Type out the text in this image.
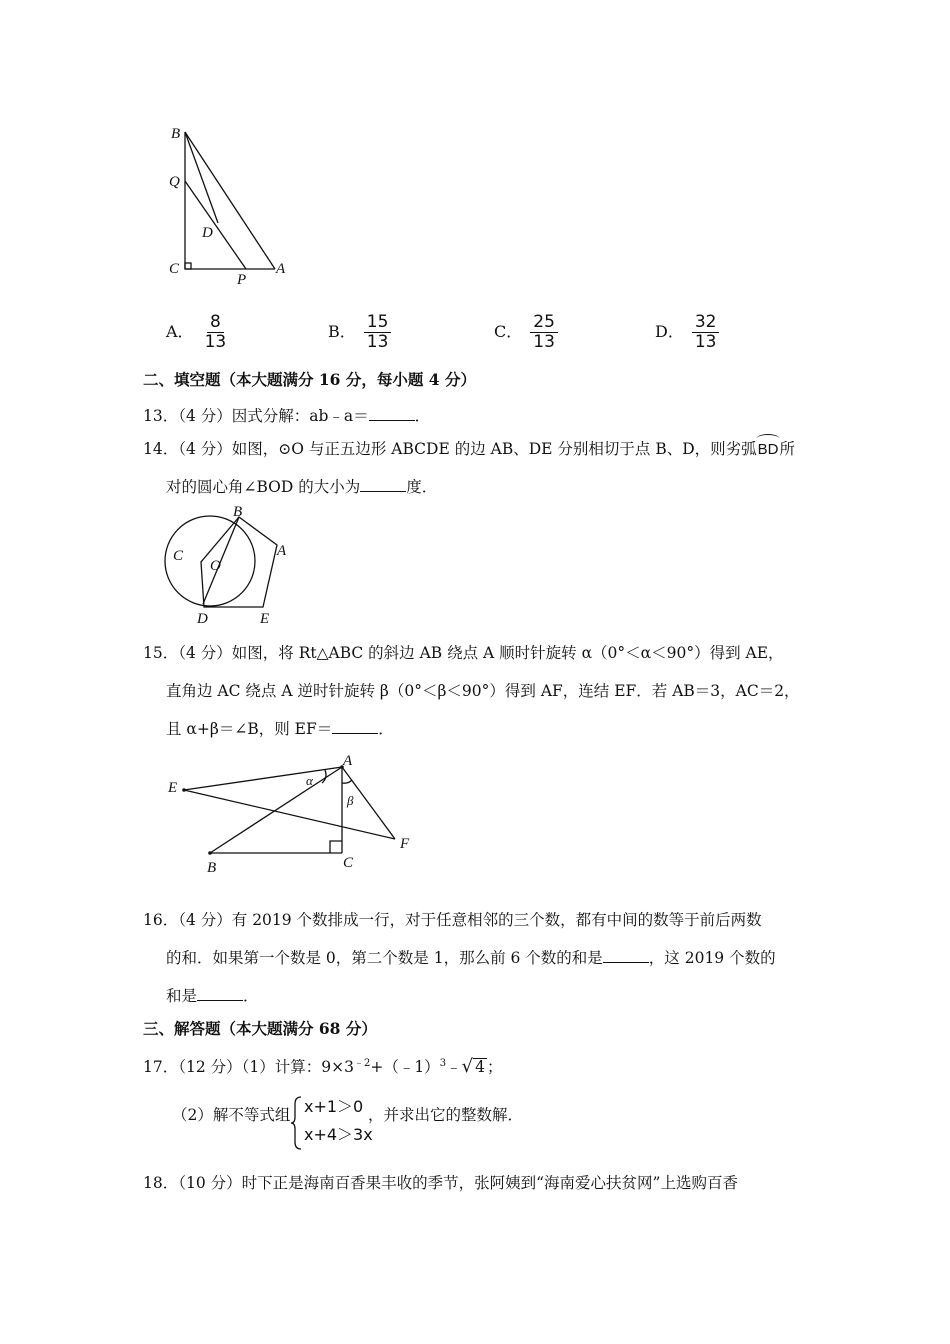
B
Q
D
C
P
A
A． $\frac{8}{13}$	B． $\frac{15}{13}$	C． $\frac{25}{13}$	D． $\frac{32}{13}$
二、填空题（本大题满分 16 分，每小题 4 分）
13．（4 分）因式分解：ab﹣a＝	．
14．（4 分）如图，⊙O 与正五边形 ABCDE 的边 AB、DE 分别相切于点 B、D，则劣弧BD所
对的圆心角∠BOD 的大小为	度．
B
C
O
A
D	E
15．（4 分）如图，将 Rt△ABC 的斜边 AB 绕点 A 顺时针旋转 α（0°＜α＜90°）得到 AE，
直角边 AC 绕点 A 逆时针旋转 β（0°＜β＜90°）得到 AF，连结 EF．若 AB＝3，AC＝2，
且 α+β＝∠B，则 EF＝	．
E
A
α
β
F
B	C
16．（4 分）有 2019 个数排成一行，对于任意相邻的三个数，都有中间的数等于前后两数
的和．如果第一个数是 0，第二个数是 1，那么前 6 个数的和是	，这 2019 个数的
和是	．
三、解答题（本大题满分 68 分）
17．（12 分）（1）计算：$9\times 3^{﹣2}+(﹣1)^3﹣√$ 4 ；
（2）解不等式组 x+1＞0
x+4＞3x
，并求出它的整数解．
18．（10 分）时下正是海南百香果丰收的季节，张阿姨到“海南爱心扶贫网”上选购百香
